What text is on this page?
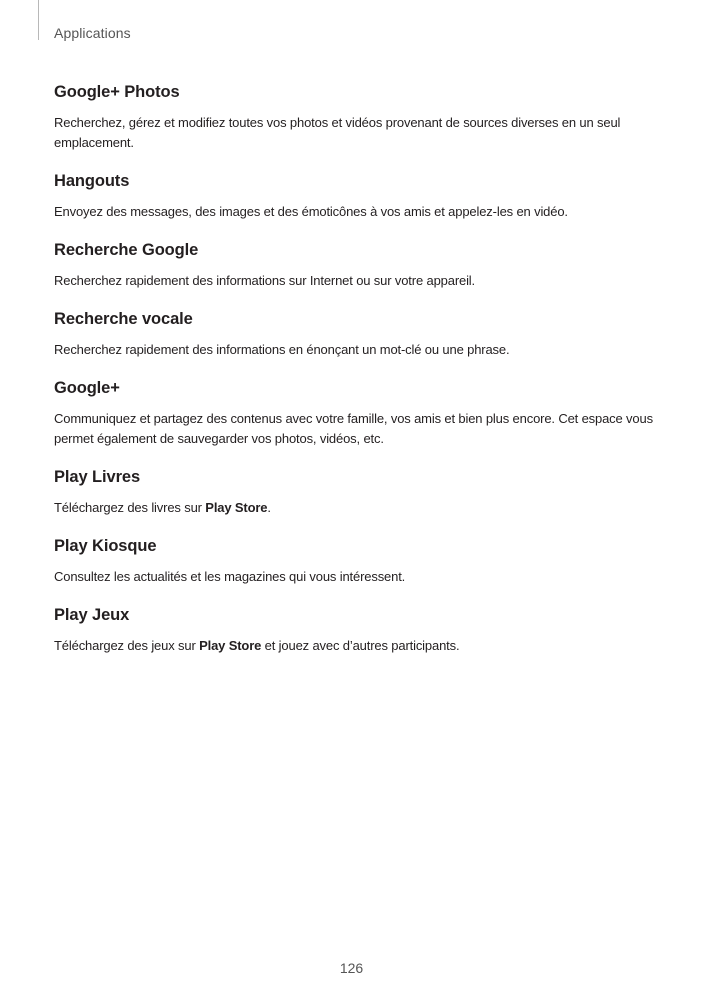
Applications
Google+ Photos

Recherchez, gérez et modifiez toutes vos photos et vidéos provenant de sources diverses en un seul emplacement.

Hangouts

Envoyez des messages, des images et des émoticônes à vos amis et appelez-les en vidéo.

Recherche Google

Recherchez rapidement des informations sur Internet ou sur votre appareil.

Recherche vocale

Recherchez rapidement des informations en énonçant un mot-clé ou une phrase.

Google+

Communiquez et partagez des contenus avec votre famille, vos amis et bien plus encore. Cet espace vous permet également de sauvegarder vos photos, vidéos, etc.

Play Livres

Téléchargez des livres sur Play Store.

Play Kiosque

Consultez les actualités et les magazines qui vous intéressent.

Play Jeux

Téléchargez des jeux sur Play Store et jouez avec d’autres participants.

126
